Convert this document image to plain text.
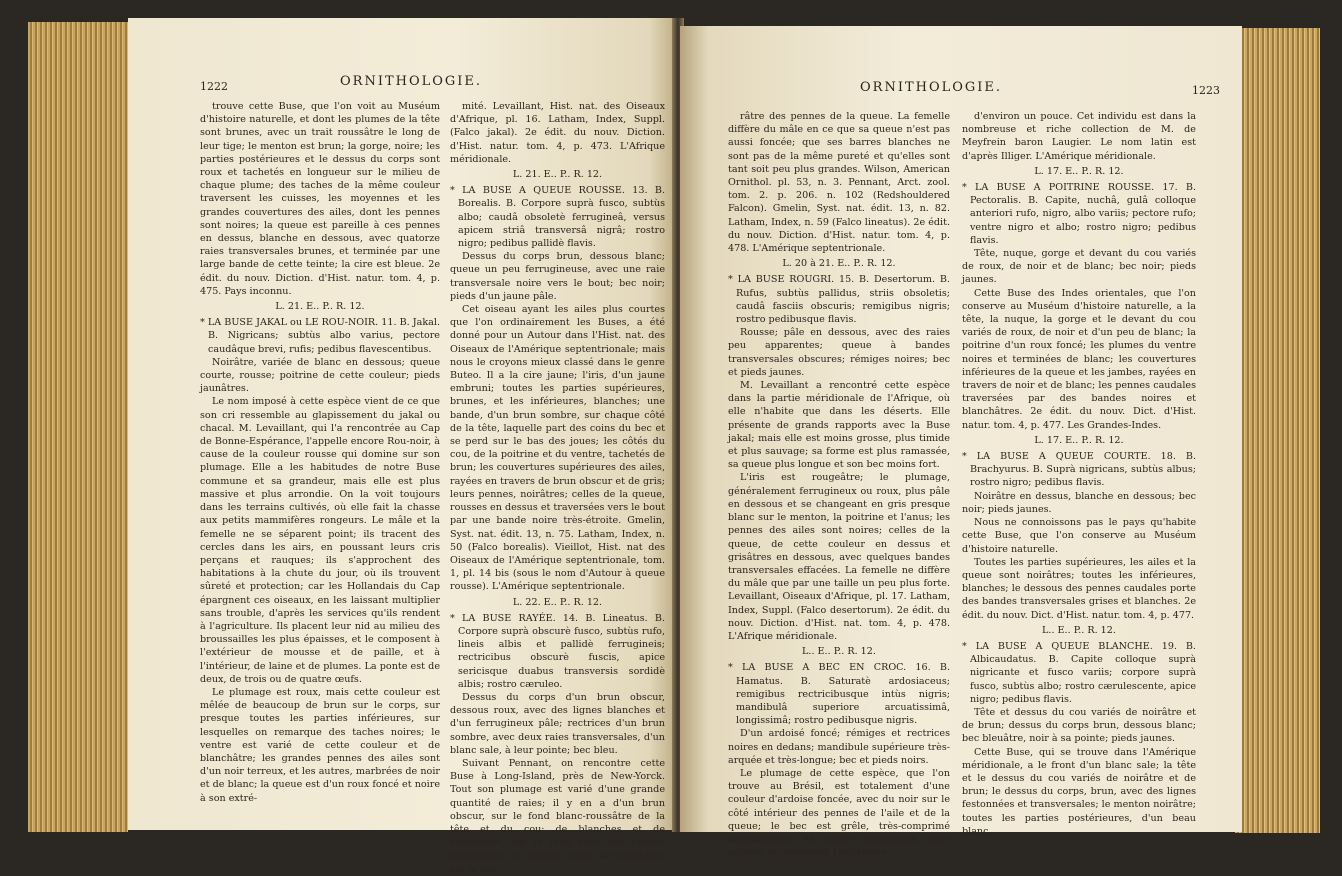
1222	ORNITHOLOGIE.

trouve cette Buse, que l'on voit au Muséum d'histoire naturelle, et dont les plumes de la tête sont brunes, avec un trait roussâtre le long de leur tige; le menton est brun; la gorge, noire; les parties postérieures et le dessus du corps sont roux et tachetés en longueur sur le milieu de chaque plume; des taches de la même couleur traversent les cuisses, les moyennes et les grandes couvertures des ailes, dont les pennes sont noires; la queue est pareille à ces pennes en dessus, blanche en dessous, avec quatorze raies transversales brunes, et terminée par une large bande de cette teinte; la cire est bleue. 2e édit. du nouv. Diction. d'Hist. natur. tom. 4, p. 475. Pays inconnu.

L. 21. E.. P.. R. 12.

* LA BUSE JAKAL ou LE ROU-NOIR. 11. B. Jakal. B. Nigricans; subtùs albo varius, pectore caudâque brevi, rufis; pedibus flavescentibus.

Noirâtre, variée de blanc en dessous; queue courte, rousse; poitrine de cette couleur; pieds jaunâtres.

Le nom imposé à cette espèce vient de ce que son cri ressemble au glapissement du jakal ou chacal. M. Levaillant, qui l'a rencontrée au Cap de Bonne-Espérance, l'appelle encore Rou-noir, à cause de la couleur rousse qui domine sur son plumage. Elle a les habitudes de notre Buse commune et sa grandeur, mais elle est plus massive et plus arrondie. On la voit toujours dans les terrains cultivés, où elle fait la chasse aux petits mammifères rongeurs. Le mâle et la femelle ne se séparent point; ils tracent des cercles dans les airs, en poussant leurs cris perçans et rauques; ils s'approchent des habitations à la chute du jour, où ils trouvent sûreté et protection; car les Hollandais du Cap épargnent ces oiseaux, en les laissant multiplier sans trouble, d'après les services qu'ils rendent à l'agriculture. Ils placent leur nid au milieu des broussailles les plus épaisses, et le composent à l'extérieur de mousse et de paille, et à l'intérieur, de laine et de plumes. La ponte est de deux, de trois ou de quatre œufs.

Le plumage est roux, mais cette couleur est mêlée de beaucoup de brun sur le corps, sur presque toutes les parties inférieures, sur lesquelles on remarque des taches noires; le ventre est varié de cette couleur et de blanchâtre; les grandes pennes des ailes sont d'un noir terreux, et les autres, marbrées de noir et de blanc; la queue est d'un roux foncé et noire à son extré-

mité. Levaillant, Hist. nat. des Oiseaux d'Afrique, pl. 16. Latham, Index, Suppl. (Falco jakal). 2e édit. du nouv. Diction. d'Hist. natur. tom. 4, p. 473. L'Afrique méridionale.

L. 21. E.. P.. R. 12.

* LA BUSE A QUEUE ROUSSE. 13. B. Borealis. B. Corpore suprà fusco, subtùs albo; caudâ obsoletè ferrugineâ, versus apicem striâ transversâ nigrâ; rostro nigro; pedibus pallidè flavis.

Dessus du corps brun, dessous blanc; queue un peu ferrugineuse, avec une raie transversale noire vers le bout; bec noir; pieds d'un jaune pâle.

Cet oiseau ayant les ailes plus courtes que l'on ordinairement les Buses, a été donné pour un Autour dans l'Hist. nat. des Oiseaux de l'Amérique septentrionale; mais nous le croyons mieux classé dans le genre Buteo. Il a la cire jaune; l'iris, d'un jaune embruni; toutes les parties supérieures, brunes, et les inférieures, blanches; une bande, d'un brun sombre, sur chaque côté de la tête, laquelle part des coins du bec et se perd sur le bas des joues; les côtés du cou, de la poitrine et du ventre, tachetés de brun; les couvertures supérieures des ailes, rayées en travers de brun obscur et de gris; leurs pennes, noirâtres; celles de la queue, rousses en dessus et traversées vers le bout par une bande noire très-étroite. Gmelin, Syst. nat. édit. 13, n. 75. Latham, Index, n. 50 (Falco borealis). Vieillot, Hist. nat des Oiseaux de l'Amérique septentrionale, tom. 1, pl. 14 bis (sous le nom d'Autour à queue rousse). L'Amérique septentrionale.

L. 22. E.. P.. R. 12.

* LA BUSE RAYÉE. 14. B. Lineatus. B. Corpore suprà obscurè fusco, subtùs rufo, lineis albis et pallidè ferrugineis; rectricibus obscurè fuscis, apice sericisque duabus transversis sordidè albis; rostro cæruleo.

Dessus du corps d'un brun obscur, dessous roux, avec des lignes blanches et d'un ferrugineux pâle; rectrices d'un brun sombre, avec deux raies transversales, d'un blanc sale, à leur pointe; bec bleu.

Suivant Pennant, on rencontre cette Buse à Long-Island, près de New-Yorck. Tout son plumage est varié d'une grande quantité de raies; il y en a d'un brun obscur, sur le fond blanc-roussâtre de la tête et du cou; de blanches et de roussâtres, sur le fond roux des parties inférieures du corps; enfin, de blanches, sur le noi-

ORNITHOLOGIE.	1223

râtre des pennes de la queue. La femelle diffère du mâle en ce que sa queue n'est pas aussi foncée; que ses barres blanches ne sont pas de la même pureté et qu'elles sont tant soit peu plus grandes. Wilson, American Ornithol. pl. 53, n. 3. Pennant, Arct. zool. tom. 2. p. 206. n. 102 (Redshouldered Falcon). Gmelin, Syst. nat. édit. 13, n. 82. Latham, Index, n. 59 (Falco lineatus). 2e édit. du nouv. Diction. d'Hist. natur. tom. 4, p. 478. L'Amérique septentrionale.

L. 20 à 21. E.. P.. R. 12.

* LA BUSE ROUGRI. 15. B. Desertorum. B. Rufus, subtùs pallidus, striis obsoletis; caudâ fasciis obscuris; remigibus nigris; rostro pedibusque flavis.

Rousse; pâle en dessous, avec des raies peu apparentes; queue à bandes transversales obscures; rémiges noires; bec et pieds jaunes.

M. Levaillant a rencontré cette espèce dans la partie méridionale de l'Afrique, où elle n'habite que dans les déserts. Elle présente de grands rapports avec la Buse jakal; mais elle est moins grosse, plus timide et plus sauvage; sa forme est plus ramassée, sa queue plus longue et son bec moins fort.

L'iris est rougeâtre; le plumage, généralement ferrugineux ou roux, plus pâle en dessous et se changeant en gris presque blanc sur le menton, la poitrine et l'anus; les pennes des ailes sont noires; celles de la queue, de cette couleur en dessus et grisâtres en dessous, avec quelques bandes transversales effacées. La femelle ne diffère du mâle que par une taille un peu plus forte. Levaillant, Oiseaux d'Afrique, pl. 17. Latham, Index, Suppl. (Falco desertorum). 2e édit. du nouv. Diction. d'Hist. nat. tom. 4, p. 478. L'Afrique méridionale.

L.. E.. P.. R. 12.

* LA BUSE A BEC EN CROC. 16. B. Hamatus. B. Saturatè ardosiaceus; remigibus rectricibusque intùs nigris; mandibulâ superiore arcuatissimâ, longissimâ; rostro pedibusque nigris.

D'un ardoisé foncé; rémiges et rectrices noires en dedans; mandibule supérieure très-arquée et très-longue; bec et pieds noirs.

Le plumage de cette espèce, que l'on trouve au Brésil, est totalement d'une couleur d'ardoise foncée, avec du noir sur le côté intérieur des pennes de l'aile et de la queue; le bec est grêle, très-comprimé latéralement; sa partie supérieure très-arquée, et dépassant l'inférieure

d'environ un pouce. Cet individu est dans la nombreuse et riche collection de M. de Meyfrein baron Laugier. Le nom latin est d'après Illiger. L'Amérique méridionale.

L. 17. E.. P.. R. 12.

* LA BUSE A POITRINE ROUSSE. 17. B. Pectoralis. B. Capite, nuchâ, gulâ colloque anteriori rufo, nigro, albo variis; pectore rufo; ventre nigro et albo; rostro nigro; pedibus flavis.

Tête, nuque, gorge et devant du cou variés de roux, de noir et de blanc; bec noir; pieds jaunes.

Cette Buse des Indes orientales, que l'on conserve au Muséum d'histoire naturelle, a la tête, la nuque, la gorge et le devant du cou variés de roux, de noir et d'un peu de blanc; la poitrine d'un roux foncé; les plumes du ventre noires et terminées de blanc; les couvertures inférieures de la queue et les jambes, rayées en travers de noir et de blanc; les pennes caudales traversées par des bandes noires et blanchâtres. 2e édit. du nouv. Dict. d'Hist. natur. tom. 4, p. 477. Les Grandes-Indes.

L. 17. E.. P.. R. 12.

* LA BUSE A QUEUE COURTE. 18. B. Brachyurus. B. Suprà nigricans, subtùs albus; rostro nigro; pedibus flavis.

Noirâtre en dessus, blanche en dessous; bec noir; pieds jaunes.

Nous ne connoissons pas le pays qu'habite cette Buse, que l'on conserve au Muséum d'histoire naturelle.

Toutes les parties supérieures, les ailes et la queue sont noirâtres; toutes les inférieures, blanches; le dessous des pennes caudales porte des bandes transversales grises et blanches. 2e édit. du nouv. Dict. d'Hist. natur. tom. 4, p. 477.

L.. E.. P.. R. 12.

* LA BUSE A QUEUE BLANCHE. 19. B. Albicaudatus. B. Capite colloque suprà nigricante et fusco variis; corpore suprà fusco, subtùs albo; rostro cærulescente, apice nigro; pedibus flavis.

Tête et dessus du cou variés de noirâtre et de brun; dessus du corps brun, dessous blanc; bec bleuâtre, noir à sa pointe; pieds jaunes.

Cette Buse, qui se trouve dans l'Amérique méridionale, a le front d'un blanc sale; la tête et le dessus du cou variés de noirâtre et de brun; le dessus du corps, brun, avec des lignes festonnées et transversales; le menton noirâtre; toutes les parties postérieures, d'un beau blanc,
